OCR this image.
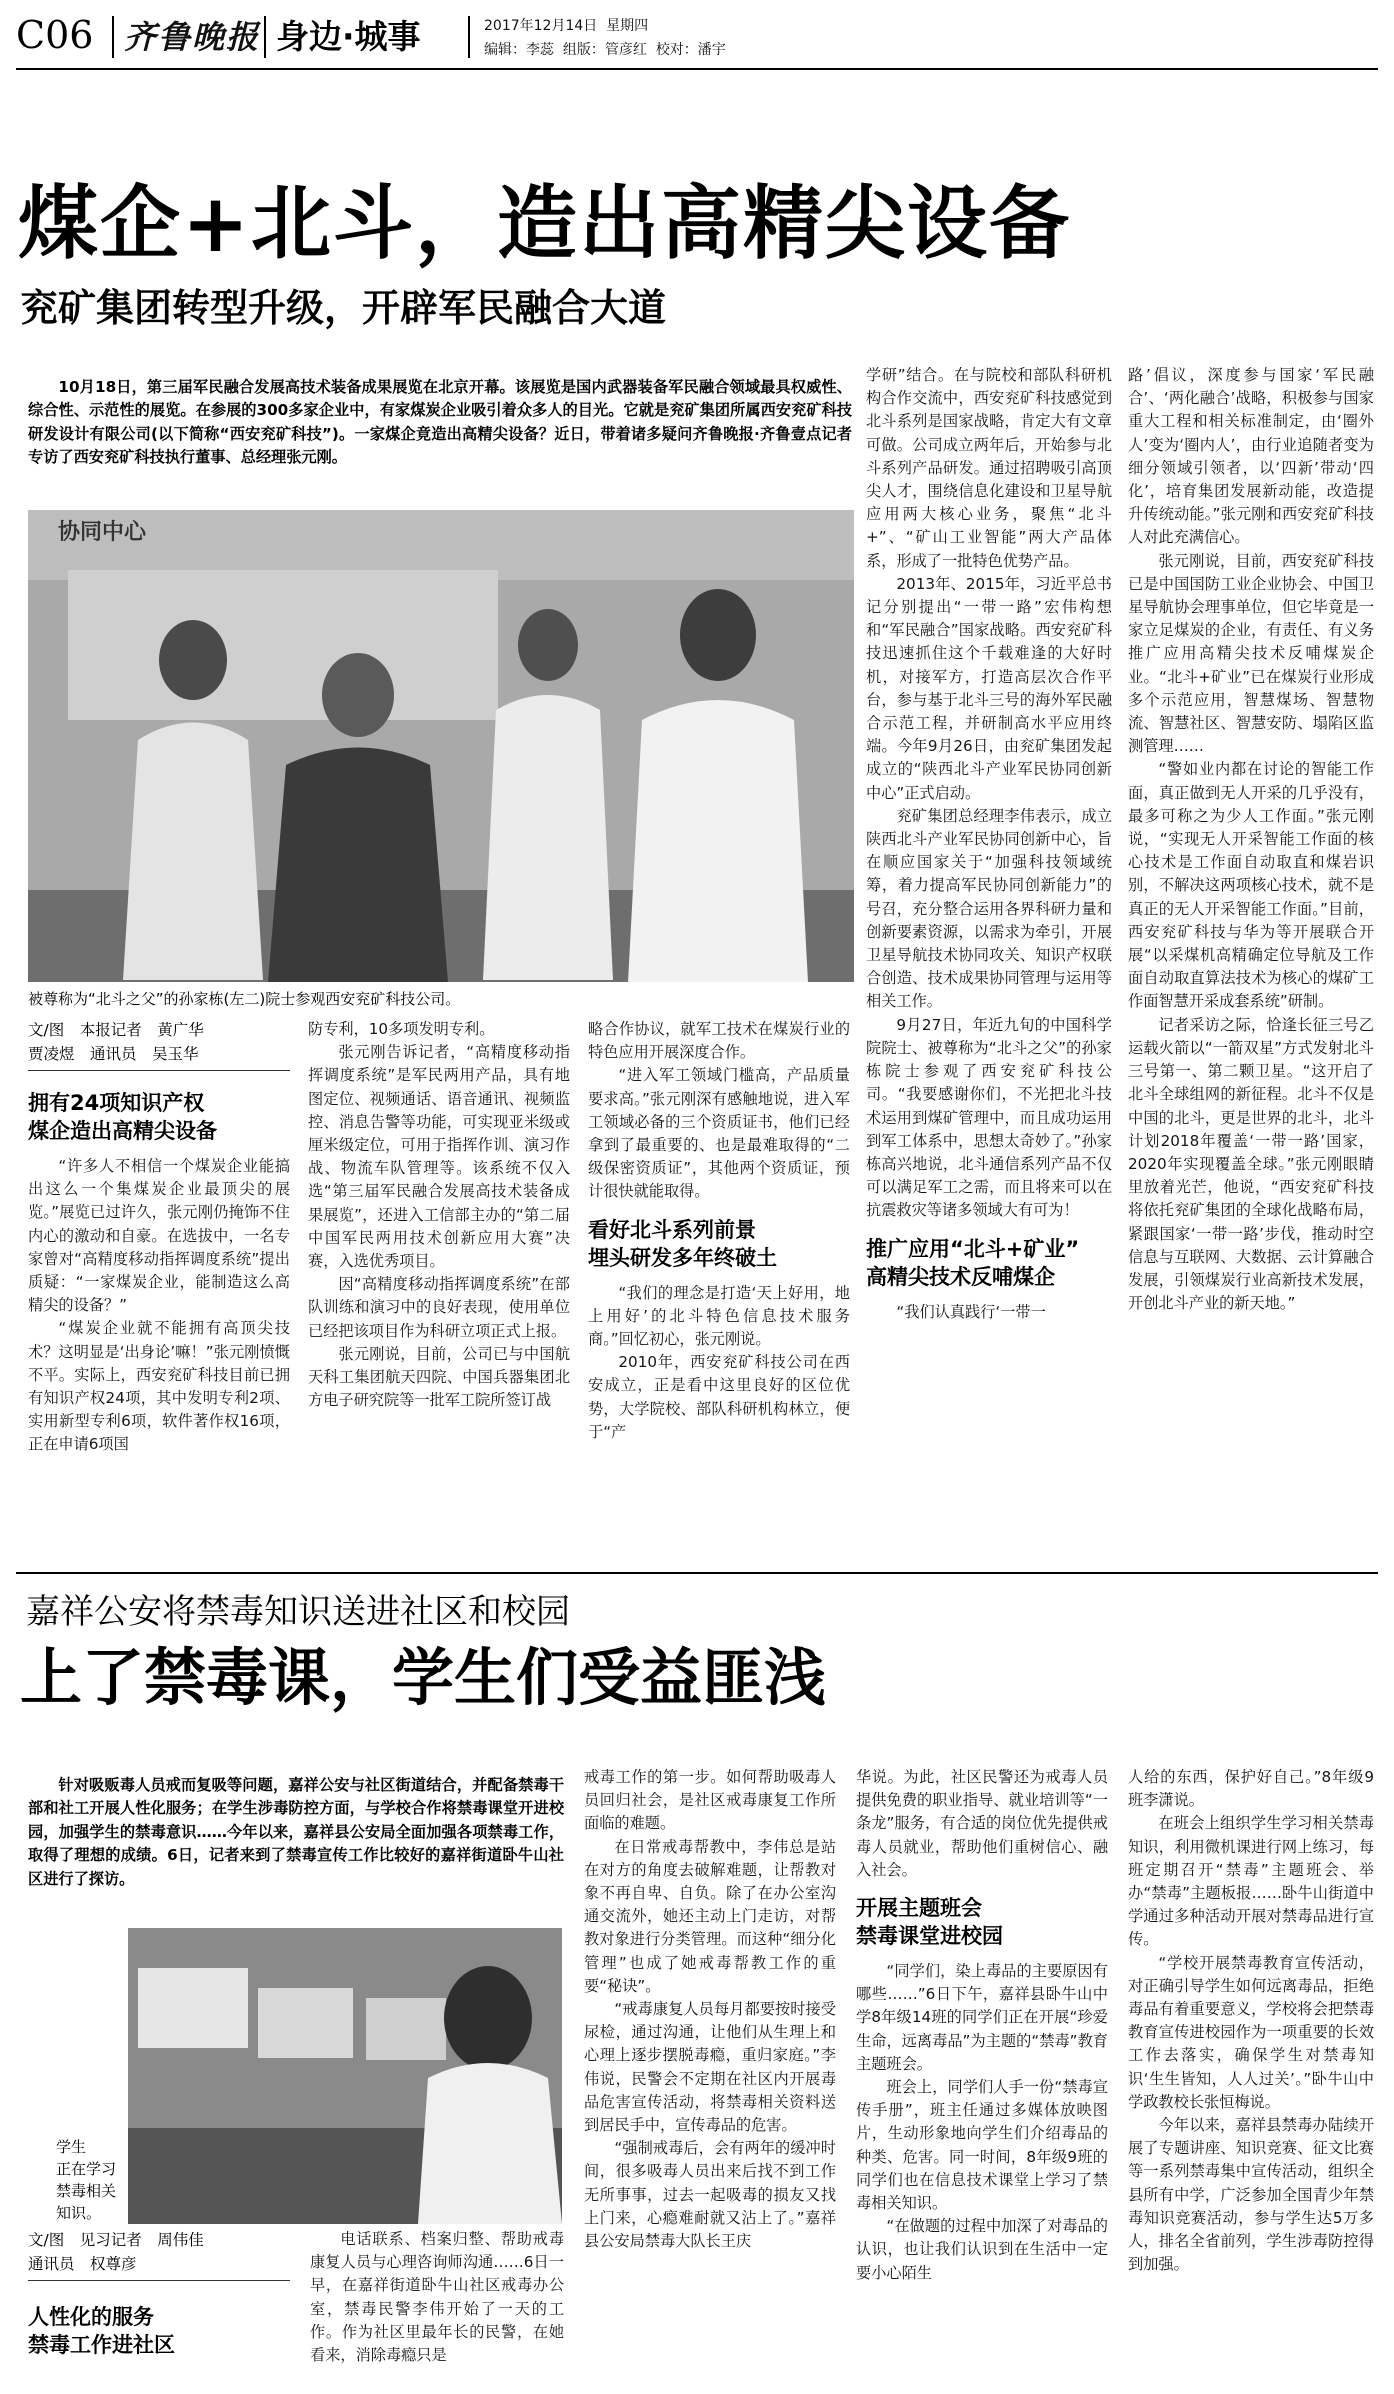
C06 齐鲁晚报 身边·城事	2017年12月14日 星期四
编辑：李蕊 组版：管彦红 校对：潘宇
煤企+北斗，造出高精尖设备
兖矿集团转型升级，开辟军民融合大道
10月18日，第三届军民融合发展高技术装备成果展览在北京开幕。该展览是国内武器装备军民融合领域最具权威性、综合性、示范性的展览。在参展的300多家企业中，有家煤炭企业吸引着众多人的目光。它就是兖矿集团所属西安兖矿科技研发设计有限公司(以下简称“西安兖矿科技”)。一家煤企竟造出高精尖设备？近日，带着诸多疑问齐鲁晚报·齐鲁壹点记者专访了西安兖矿科技执行董事、总经理张元刚。
协同中心
被尊称为“北斗之父”的孙家栋(左二)院士参观西安兖矿科技公司。
文/图　本报记者　黄广华
贾凌煜　通讯员　吴玉华
拥有24项知识产权
煤企造出高精尖设备

“许多人不相信一个煤炭企业能搞出这么一个集煤炭企业最顶尖的展览。”展览已过许久，张元刚仍掩饰不住内心的激动和自豪。在选拔中，一名专家曾对“高精度移动指挥调度系统”提出质疑：“一家煤炭企业，能制造这么高精尖的设备？”

“煤炭企业就不能拥有高顶尖技术？这明显是‘出身论’嘛！”张元刚愤慨不平。实际上，西安兖矿科技目前已拥有知识产权24项，其中发明专利2项、实用新型专利6项，软件著作权16项，正在申请6项国

防专利，10多项发明专利。

张元刚告诉记者，“高精度移动指挥调度系统”是军民两用产品，具有地图定位、视频通话、语音通讯、视频监控、消息告警等功能，可实现亚米级或厘米级定位，可用于指挥作训、演习作战、物流车队管理等。该系统不仅入选“第三届军民融合发展高技术装备成果展览”，还进入工信部主办的“第二届中国军民两用技术创新应用大赛”决赛，入选优秀项目。

因“高精度移动指挥调度系统”在部队训练和演习中的良好表现，使用单位已经把该项目作为科研立项正式上报。

张元刚说，目前，公司已与中国航天科工集团航天四院、中国兵器集团北方电子研究院等一批军工院所签订战

略合作协议，就军工技术在煤炭行业的特色应用开展深度合作。

“进入军工领域门槛高，产品质量要求高。”张元刚深有感触地说，进入军工领域必备的三个资质证书，他们已经拿到了最重要的、也是最难取得的“二级保密资质证”，其他两个资质证，预计很快就能取得。

看好北斗系列前景
埋头研发多年终破土

“我们的理念是打造‘天上好用，地上用好’的北斗特色信息技术服务商。”回忆初心，张元刚说。

2010年，西安兖矿科技公司在西安成立，正是看中这里良好的区位优势，大学院校、部队科研机构林立，便于“产

学研”结合。在与院校和部队科研机构合作交流中，西安兖矿科技感觉到北斗系列是国家战略，肯定大有文章可做。公司成立两年后，开始参与北斗系列产品研发。通过招聘吸引高顶尖人才，围绕信息化建设和卫星导航应用两大核心业务，聚焦“北斗+”、“矿山工业智能”两大产品体系，形成了一批特色优势产品。

2013年、2015年，习近平总书记分别提出“一带一路”宏伟构想和“军民融合”国家战略。西安兖矿科技迅速抓住这个千载难逢的大好时机，对接军方，打造高层次合作平台，参与基于北斗三号的海外军民融合示范工程，并研制高水平应用终端。今年9月26日，由兖矿集团发起成立的“陕西北斗产业军民协同创新中心”正式启动。

兖矿集团总经理李伟表示，成立陕西北斗产业军民协同创新中心，旨在顺应国家关于“加强科技领域统筹，着力提高军民协同创新能力”的号召，充分整合运用各界科研力量和创新要素资源，以需求为牵引，开展卫星导航技术协同攻关、知识产权联合创造、技术成果协同管理与运用等相关工作。

9月27日，年近九旬的中国科学院院士、被尊称为“北斗之父”的孙家栋院士参观了西安兖矿科技公司。“我要感谢你们，不光把北斗技术运用到煤矿管理中，而且成功运用到军工体系中，思想太奇妙了。”孙家栋高兴地说，北斗通信系列产品不仅可以满足军工之需，而且将来可以在抗震救灾等诸多领域大有可为！

推广应用“北斗+矿业”
高精尖技术反哺煤企

“我们认真践行‘一带一

路’倡议，深度参与国家‘军民融合’、‘两化融合’战略，积极参与国家重大工程和相关标准制定，由‘圈外人’变为‘圈内人’，由行业追随者变为细分领域引领者，以‘四新’带动‘四化’，培育集团发展新动能，改造提升传统动能。”张元刚和西安兖矿科技人对此充满信心。

张元刚说，目前，西安兖矿科技已是中国国防工业企业协会、中国卫星导航协会理事单位，但它毕竟是一家立足煤炭的企业，有责任、有义务推广应用高精尖技术反哺煤炭企业。“北斗+矿业”已在煤炭行业形成多个示范应用，智慧煤场、智慧物流、智慧社区、智慧安防、塌陷区监测管理……

“警如业内都在讨论的智能工作面，真正做到无人开采的几乎没有，最多可称之为少人工作面。”张元刚说，“实现无人开采智能工作面的核心技术是工作面自动取直和煤岩识别，不解决这两项核心技术，就不是真正的无人开采智能工作面。”目前，西安兖矿科技与华为等开展联合开展“以采煤机高精确定位导航及工作面自动取直算法技术为核心的煤矿工作面智慧开采成套系统”研制。

记者采访之际，恰逢长征三号乙运载火箭以“一箭双星”方式发射北斗三号第一、第二颗卫星。“这开启了北斗全球组网的新征程。北斗不仅是中国的北斗，更是世界的北斗，北斗计划2018年覆盖‘一带一路’国家，2020年实现覆盖全球。”张元刚眼睛里放着光芒，他说，“西安兖矿科技将依托兖矿集团的全球化战略布局，紧跟国家‘一带一路’步伐，推动时空信息与互联网、大数据、云计算融合发展，引领煤炭行业高新技术发展，开创北斗产业的新天地。”

嘉祥公安将禁毒知识送进社区和校园
上了禁毒课，学生们受益匪浅
针对吸贩毒人员戒而复吸等问题，嘉祥公安与社区街道结合，并配备禁毒干部和社工开展人性化服务；在学生涉毒防控方面，与学校合作将禁毒课堂开进校园，加强学生的禁毒意识……今年以来，嘉祥县公安局全面加强各项禁毒工作，取得了理想的成绩。6日，记者来到了禁毒宣传工作比较好的嘉祥街道卧牛山社区进行了探访。
学生
正在学习
禁毒相关
知识。
文/图　见习记者　周伟佳
通讯员　权尊彦
人性化的服务
禁毒工作进社区

电话联系、档案归整、帮助戒毒康复人员与心理咨询师沟通……6日一早，在嘉祥街道卧牛山社区戒毒办公室，禁毒民警李伟开始了一天的工作。作为社区里最年长的民警，在她看来，消除毒瘾只是

戒毒工作的第一步。如何帮助吸毒人员回归社会，是社区戒毒康复工作所面临的难题。

在日常戒毒帮教中，李伟总是站在对方的角度去破解难题，让帮教对象不再自卑、自负。除了在办公室沟通交流外，她还主动上门走访，对帮教对象进行分类管理。而这种“细分化管理”也成了她戒毒帮教工作的重要“秘诀”。

“戒毒康复人员每月都要按时接受尿检，通过沟通，让他们从生理上和心理上逐步摆脱毒瘾，重归家庭。”李伟说，民警会不定期在社区内开展毒品危害宣传活动，将禁毒相关资料送到居民手中，宣传毒品的危害。

“强制戒毒后，会有两年的缓冲时间，很多吸毒人员出来后找不到工作无所事事，过去一起吸毒的损友又找上门来，心瘾难耐就又沾上了。”嘉祥县公安局禁毒大队长王庆

华说。为此，社区民警还为戒毒人员提供免费的职业指导、就业培训等“一条龙”服务，有合适的岗位优先提供戒毒人员就业，帮助他们重树信心、融入社会。

开展主题班会
禁毒课堂进校园

“同学们，染上毒品的主要原因有哪些……”6日下午，嘉祥县卧牛山中学8年级14班的同学们正在开展“珍爱生命，远离毒品”为主题的“禁毒”教育主题班会。

班会上，同学们人手一份“禁毒宣传手册”，班主任通过多媒体放映图片，生动形象地向学生们介绍毒品的种类、危害。同一时间，8年级9班的同学们也在信息技术课堂上学习了禁毒相关知识。

“在做题的过程中加深了对毒品的认识，也让我们认识到在生活中一定要小心陌生

人给的东西，保护好自己。”8年级9班李潇说。

在班会上组织学生学习相关禁毒知识，利用微机课进行网上练习，每班定期召开“禁毒”主题班会、举办“禁毒”主题板报……卧牛山街道中学通过多种活动开展对禁毒品进行宣传。

“学校开展禁毒教育宣传活动，对正确引导学生如何远离毒品，拒绝毒品有着重要意义，学校将会把禁毒教育宣传进校园作为一项重要的长效工作去落实，确保学生对禁毒知识‘生生皆知，人人过关’。”卧牛山中学政教校长张恒梅说。

今年以来，嘉祥县禁毒办陆续开展了专题讲座、知识竞赛、征文比赛等一系列禁毒集中宣传活动，组织全县所有中学，广泛参加全国青少年禁毒知识竞赛活动，参与学生达5万多人，排名全省前列，学生涉毒防控得到加强。
